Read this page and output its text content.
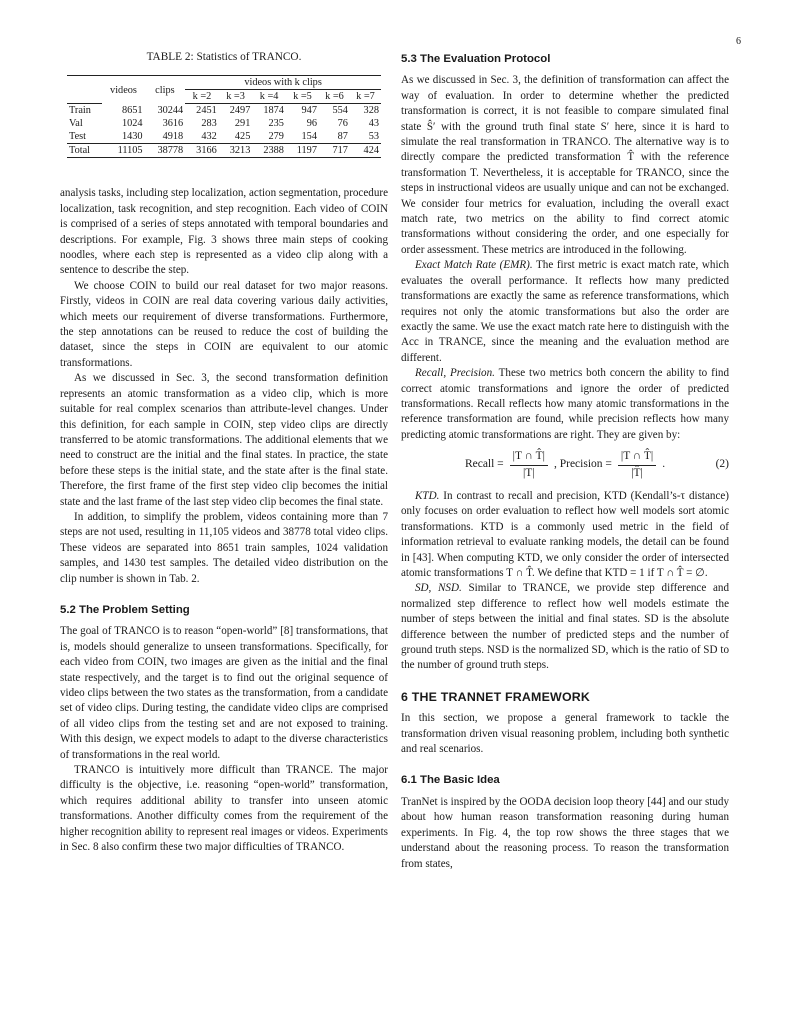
6
TABLE 2: Statistics of TRANCO.
	videos	clips	videos with k clips					
			k =2	k =3	k =4	k =5	k =6	k =7
Train	8651	30244	2451	2497	1874	947	554	328
Val	1024	3616	283	291	235	96	76	43
Test	1430	4918	432	425	279	154	87	53
Total	11105	38778	3166	3213	2388	1197	717	424

analysis tasks, including step localization, action segmentation, procedure localization, task recognition, and step recognition. Each video of COIN is comprised of a series of steps annotated with temporal boundaries and descriptions. For example, Fig. 3 shows three main steps of cooking noodles, where each step is represented as a video clip along with a sentence to describe the step.

We choose COIN to build our real dataset for two major reasons. Firstly, videos in COIN are real data covering various daily activities, which meets our requirement of diverse transformations. Furthermore, the step annotations can be reused to reduce the cost of building the dataset, since the steps in COIN are equivalent to our atomic transformations.

As we discussed in Sec. 3, the second transformation definition represents an atomic transformation as a video clip, which is more suitable for real complex scenarios than attribute-level changes. Under this definition, for each sample in COIN, step video clips are directly transferred to be atomic transformations. The additional elements that we need to construct are the initial and the final states. In practice, the state before these steps is the initial state, and the state after is the final state. Therefore, the first frame of the first step video clip becomes the initial state and the last frame of the last step video clip becomes the final state.

In addition, to simplify the problem, videos containing more than 7 steps are not used, resulting in 11,105 videos and 38778 total video clips. These videos are separated into 8651 train samples, 1024 validation samples, and 1430 test samples. The detailed video distribution on the clip number is shown in Tab. 2.

5.2 The Problem Setting

The goal of TRANCO is to reason “open-world” [8] transformations, that is, models should generalize to unseen transformations. Specifically, for each video from COIN, two images are given as the initial and the final state respectively, and the target is to find out the original sequence of video clips between the two states as the transformation, from a candidate set of video clips. During testing, the candidate video clips are comprised of all video clips from the testing set and are not exposed to training. With this design, we expect models to adapt to the diverse characteristics of transformations in the real world.

TRANCO is intuitively more difficult than TRANCE. The major difficulty is the objective, i.e. reasoning “open-world” transformation, which requires additional ability to transfer into unseen atomic transformations. Another difficulty comes from the requirement of the higher recognition ability to represent real images or videos. Experiments in Sec. 8 also confirm these two major difficulties of TRANCO.

5.3 The Evaluation Protocol

As we discussed in Sec. 3, the definition of transformation can affect the way of evaluation. In order to determine whether the predicted transformation is correct, it is not feasible to compare simulated final state Ŝ′ with the ground truth final state S′ here, since it is hard to simulate the real transformation in TRANCO. The alternative way is to directly compare the predicted transformation T̂ with the reference transformation T. Nevertheless, it is acceptable for TRANCO, since the steps in instructional videos are usually unique and can not be exchanged. We consider four metrics for evaluation, including the overall exact match rate, two metrics on the ability to find correct atomic transformations without considering the order, and one especially for order assessment. These metrics are introduced in the following.

Exact Match Rate (EMR). The first metric is exact match rate, which evaluates the overall performance. It reflects how many predicted transformations are exactly the same as reference transformations, which requires not only the atomic transformations but also the order are exactly the same. We use the exact match rate here to distinguish with the Acc in TRANCE, since the meaning and the evaluation method are different.

Recall, Precision. These two metrics both concern the ability to find correct atomic transformations and ignore the order of predicted transformations. Recall reflects how many atomic transformations in the reference transformation are found, while precision reflects how many predicting atomic transformations are right. They are given by:

Recall = $\frac{|T \cap T̂|}{|T|}$ , Precision = $\frac{|T \cap T̂|}{|T̂|}$ .	(2)

KTD. In contrast to recall and precision, KTD (Kendall’s-τ distance) only focuses on order evaluation to reflect how well models sort atomic transformations. KTD is a commonly used metric in the field of information retrieval to evaluate ranking models, the detail can be found in [43]. When computing KTD, we only consider the order of intersected atomic transformations T ∩ T̂. We define that KTD = 1 if T ∩ T̂ = ∅.

SD, NSD. Similar to TRANCE, we provide step difference and normalized step difference to reflect how well models estimate the number of steps between the initial and final states. SD is the absolute difference between the number of predicted steps and the number of ground truth steps. NSD is the normalized SD, which is the ratio of SD to the number of ground truth steps.

6 THE TRANNET FRAMEWORK

In this section, we propose a general framework to tackle the transformation driven visual reasoning problem, including both synthetic and real scenarios.

6.1 The Basic Idea

TranNet is inspired by the OODA decision loop theory [44] and our study about how human reason transformation reasoning during human experiments. In Fig. 4, the top row shows the three stages that we understand about the reasoning process. To reason the transformation from states,
